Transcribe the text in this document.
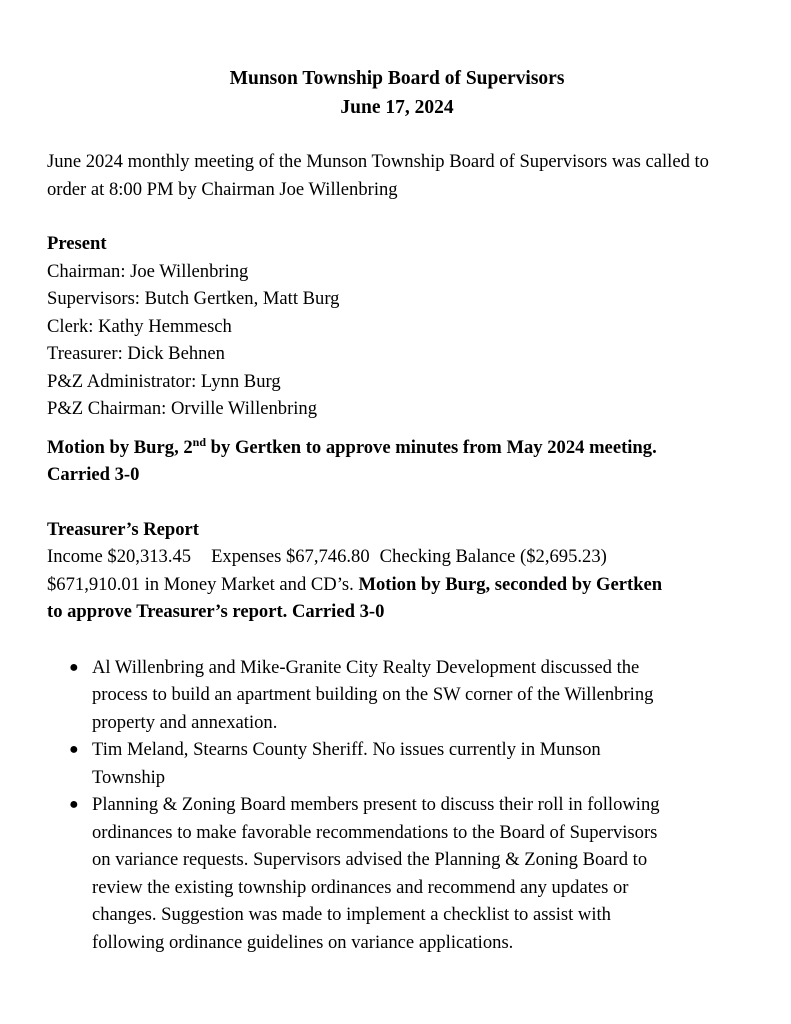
Munson Township Board of Supervisors

June 17, 2024

June 2024 monthly meeting of the Munson Township Board of Supervisors was called to order at 8:00 PM by Chairman Joe Willenbring

Present

Chairman: Joe Willenbring
Supervisors: Butch Gertken, Matt Burg
Clerk: Kathy Hemmesch
Treasurer: Dick Behnen
P&Z Administrator: Lynn Burg
P&Z Chairman: Orville Willenbring

Motion by Burg, 2nd by Gertken to approve minutes from May 2024 meeting.
Carried 3-0

Treasurer’s Report

Income $20,313.45 Expenses $67,746.80 Checking Balance ($2,695.23)
$671,910.01 in Money Market and CD’s. Motion by Burg, seconded by Gertken
to approve Treasurer’s report. Carried 3-0

● Al Willenbring and Mike-Granite City Realty Development discussed the
process to build an apartment building on the SW corner of the Willenbring
property and annexation.
● Tim Meland, Stearns County Sheriff. No issues currently in Munson
Township
● Planning & Zoning Board members present to discuss their roll in following
ordinances to make favorable recommendations to the Board of Supervisors
on variance requests. Supervisors advised the Planning & Zoning Board to
review the existing township ordinances and recommend any updates or
changes. Suggestion was made to implement a checklist to assist with
following ordinance guidelines on variance applications.
